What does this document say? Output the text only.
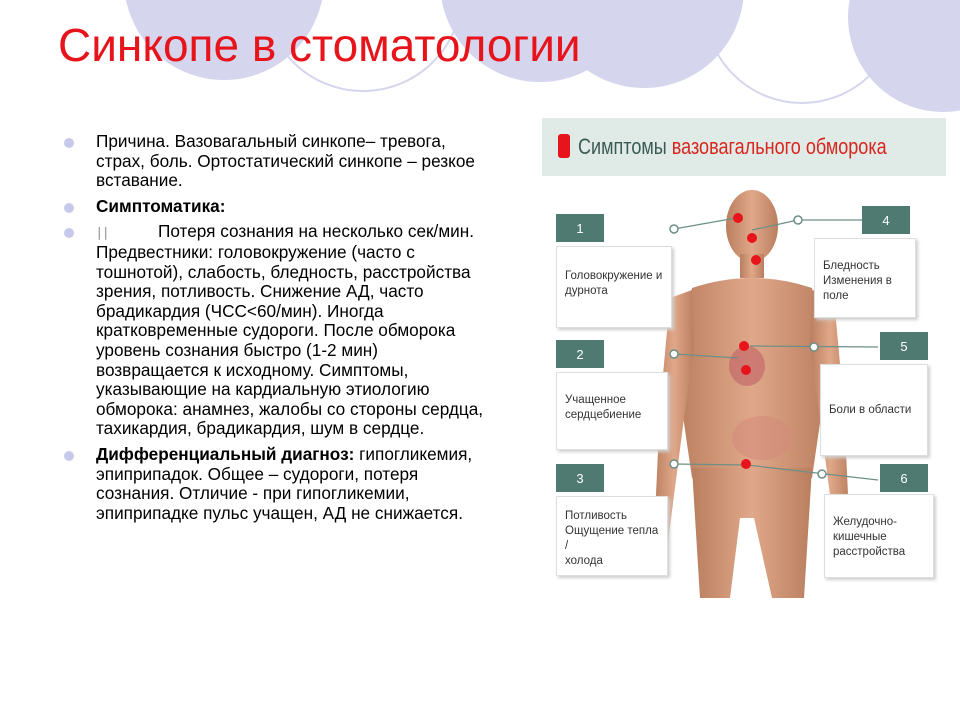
Синкопе в стоматологии
Причина. Вазовагальный синкопе– тревога, страх, боль. Ортостатический синкопе – резкое вставание.
Симптоматика:
∣∣	Потеря сознания на несколько сек/мин. Предвестники: головокружение (часто с тошнотой), слабость, бледность, расстройства зрения, потливость. Снижение АД, часто брадикардия (ЧСС<60/мин). Иногда кратковременные судороги. После обморока уровень сознания быстро (1-2 мин) возвращается к исходному. Симптомы, указывающие на кардиальную этиологию обморока: анамнез, жалобы со стороны сердца, тахикардия, брадикардия, шум в сердце.
Дифференциальный диагноз: гипогликемия, эпиприпадок. Общее – судороги, потеря сознания. Отличие - при гипогликемии, эпиприпадке пульс учащен, АД не снижается.
Симптомы вазовагального обморока
1
2
3
4
5
6
Головокружение и
дурнота
Учащенное
сердцебиение
Потливость
Ощущение тепла /
холода
Бледность
Изменения в поле
Боли в области
Желудочно-кишечные
расстройства
